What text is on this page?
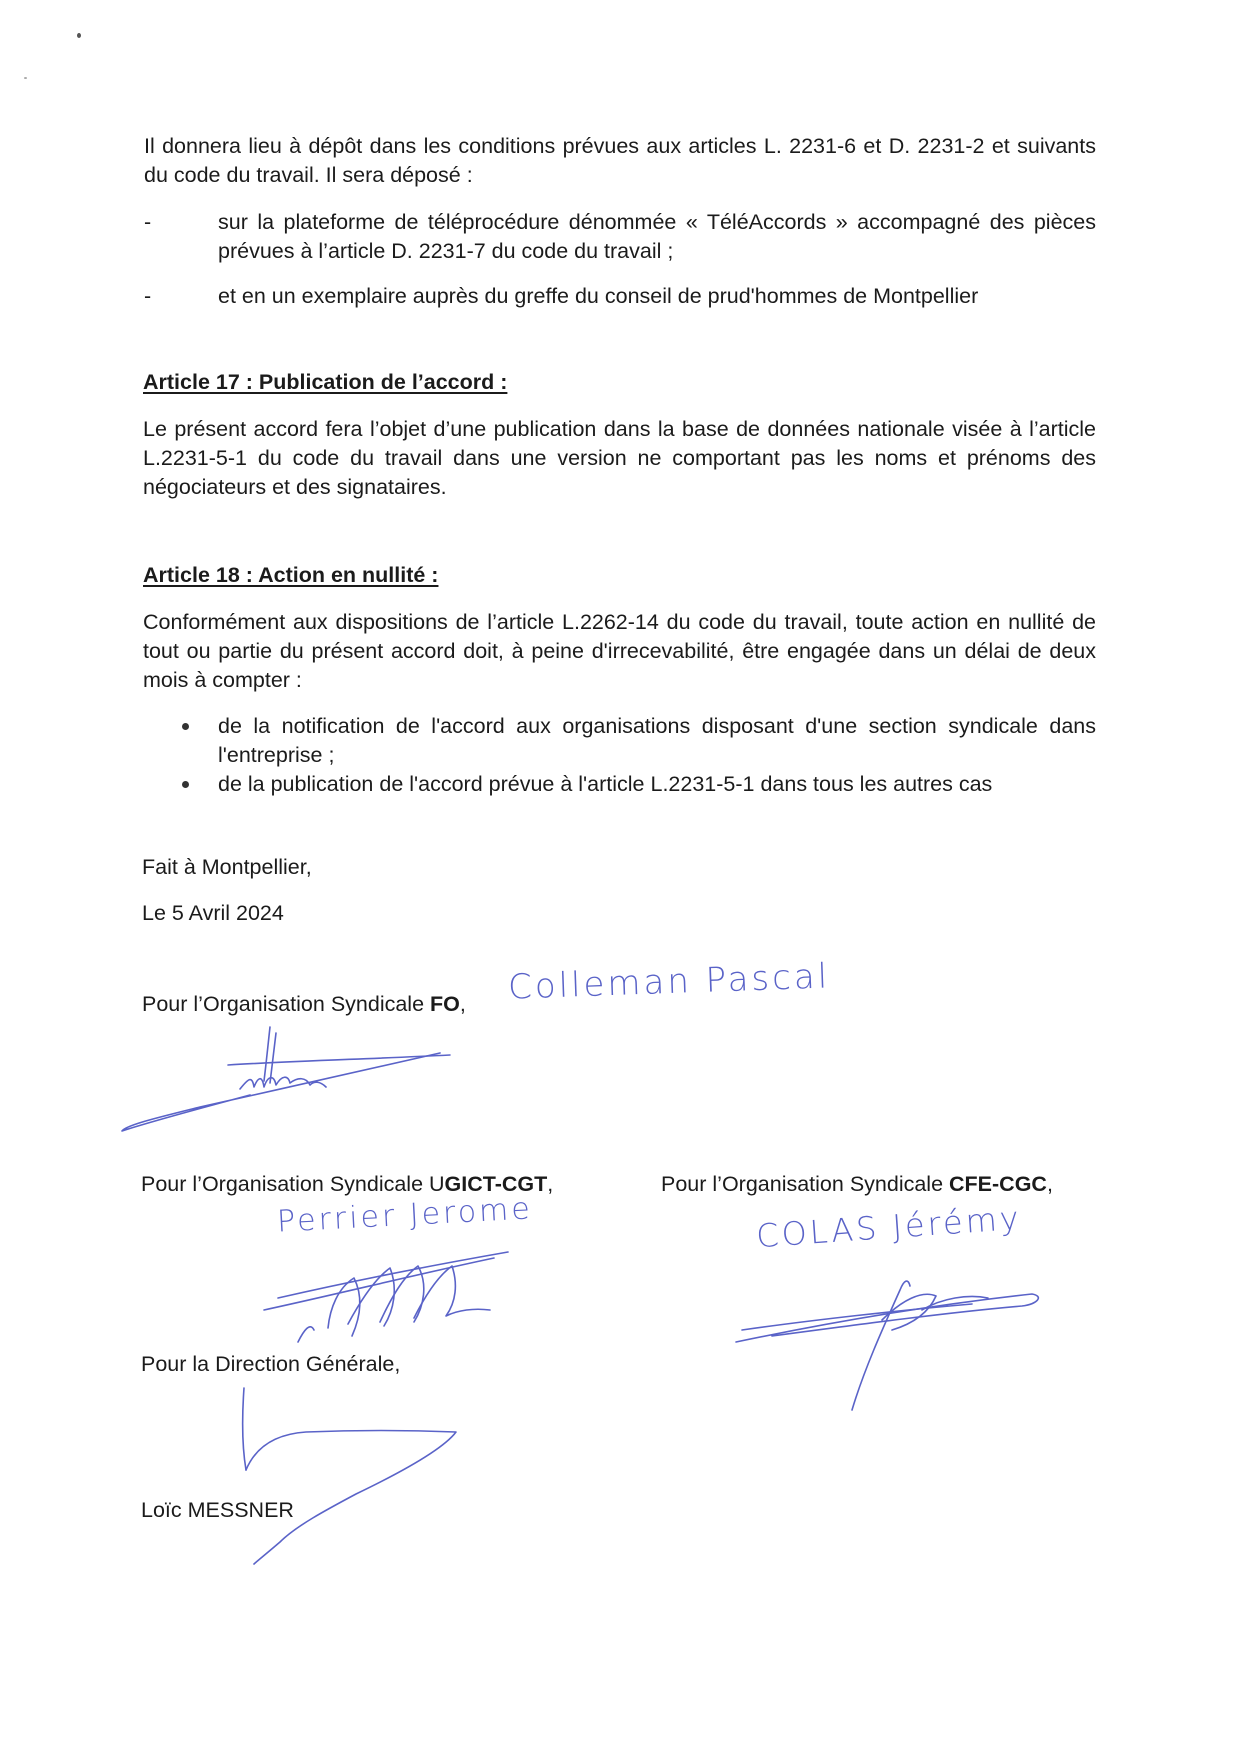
Il donnera lieu à dépôt dans les conditions prévues aux articles L. 2231-6 et D. 2231-2 et suivants du code du travail. Il sera déposé :
-	sur la plateforme de téléprocédure dénommée « TéléAccords » accompagné des pièces prévues à l’article D. 2231-7 du code du travail ;
-	et en un exemplaire auprès du greffe du conseil de prud'hommes de Montpellier
Article 17 : Publication de l’accord :
Le présent accord fera l’objet d’une publication dans la base de données nationale visée à l’article L.2231-5-1 du code du travail dans une version ne comportant pas les noms et prénoms des négociateurs et des signataires.
Article 18 : Action en nullité :
Conformément aux dispositions de l’article L.2262-14 du code du travail, toute action en nullité de tout ou partie du présent accord doit, à peine d'irrecevabilité, être engagée dans un délai de deux mois à compter :
de la notification de l'accord aux organisations disposant d'une section syndicale dans l'entreprise ;
de la publication de l'accord prévue à l'article L.2231-5-1 dans tous les autres cas
Fait à Montpellier,
Le 5 Avril 2024
Pour l’Organisation Syndicale FO, Colleman Pascal
Pour l’Organisation Syndicale UGICT-CGT,
Perrier Jerome
Pour l’Organisation Syndicale CFE-CGC,
COLAS Jérémy
Pour la Direction Générale,
Loïc MESSNER
